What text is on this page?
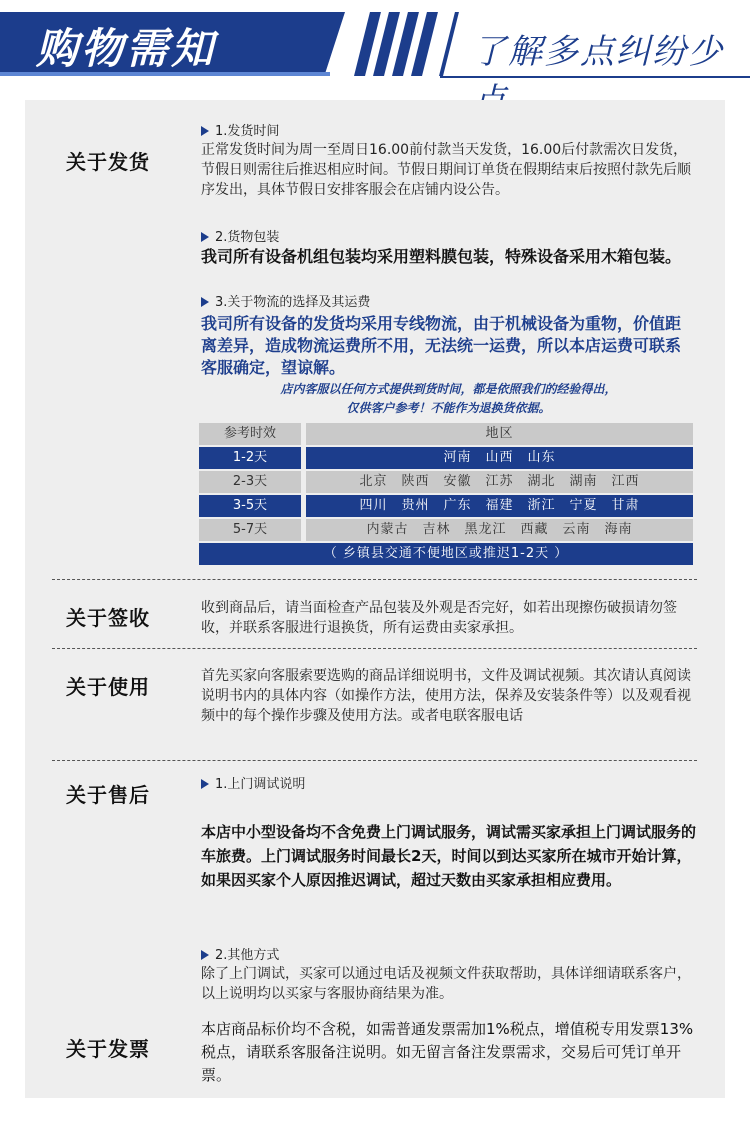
购物需知	了解多点纠纷少
关于发货
1.发货时间
正常发货时间为周一至周日16.00前付款当天发货，16.00后付款需次日发货，节假日则需往后推迟相应时间。节假日期间订单货在假期结束后按照付款先后顺序发出，具体节假日安排客服会在店铺内设公告。
2.货物包装
我司所有设备机组包装均采用塑料膜包装，特殊设备采用木箱包装。
3.关于物流的选择及其运费
我司所有设备的发货均采用专线物流，由于机械设备为重物，价值距离差异，造成物流运费所不用，无法统一运费，所以本店运费可联系客服确定，望谅解。
店内客服以任何方式提供到货时间，都是依照我们的经验得出，
仅供客户参考！不能作为退换货依据。
参考时效	地区
1-2天	河南　山西　山东
2-3天	北京　陕西　安徽　江苏　湖北　湖南　江西
3-5天	四川　贵州　广东　福建　浙江　宁夏　甘肃
5-7天	内蒙古　吉林　黑龙江　西藏　云南　海南
（ 乡镇县交通不便地区或推迟1-2天 ）
关于签收	收到商品后，请当面检查产品包装及外观是否完好，如若出现擦伤破损请勿签收，并联系客服进行退换货，所有运费由卖家承担。
关于使用	首先买家向客服索要选购的商品详细说明书，文件及调试视频。其次请认真阅读说明书内的具体内容（如操作方法，使用方法，保养及安装条件等）以及观看视频中的每个操作步骤及使用方法。或者电联客服电话
关于售后	1.上门调试说明
本店中小型设备均不含免费上门调试服务，调试需买家承担上门调试服务的车旅费。上门调试服务时间最长2天，时间以到达买家所在城市开始计算，如果因买家个人原因推迟调试，超过天数由买家承担相应费用。
2.其他方式
除了上门调试，买家可以通过电话及视频文件获取帮助，具体详细请联系客户，以上说明均以买家与客服协商结果为准。
关于发票
本店商品标价均不含税，如需普通发票需加1%税点，增值税专用发票13%税点，请联系客服备注说明。如无留言备注发票需求，交易后可凭订单开票。
